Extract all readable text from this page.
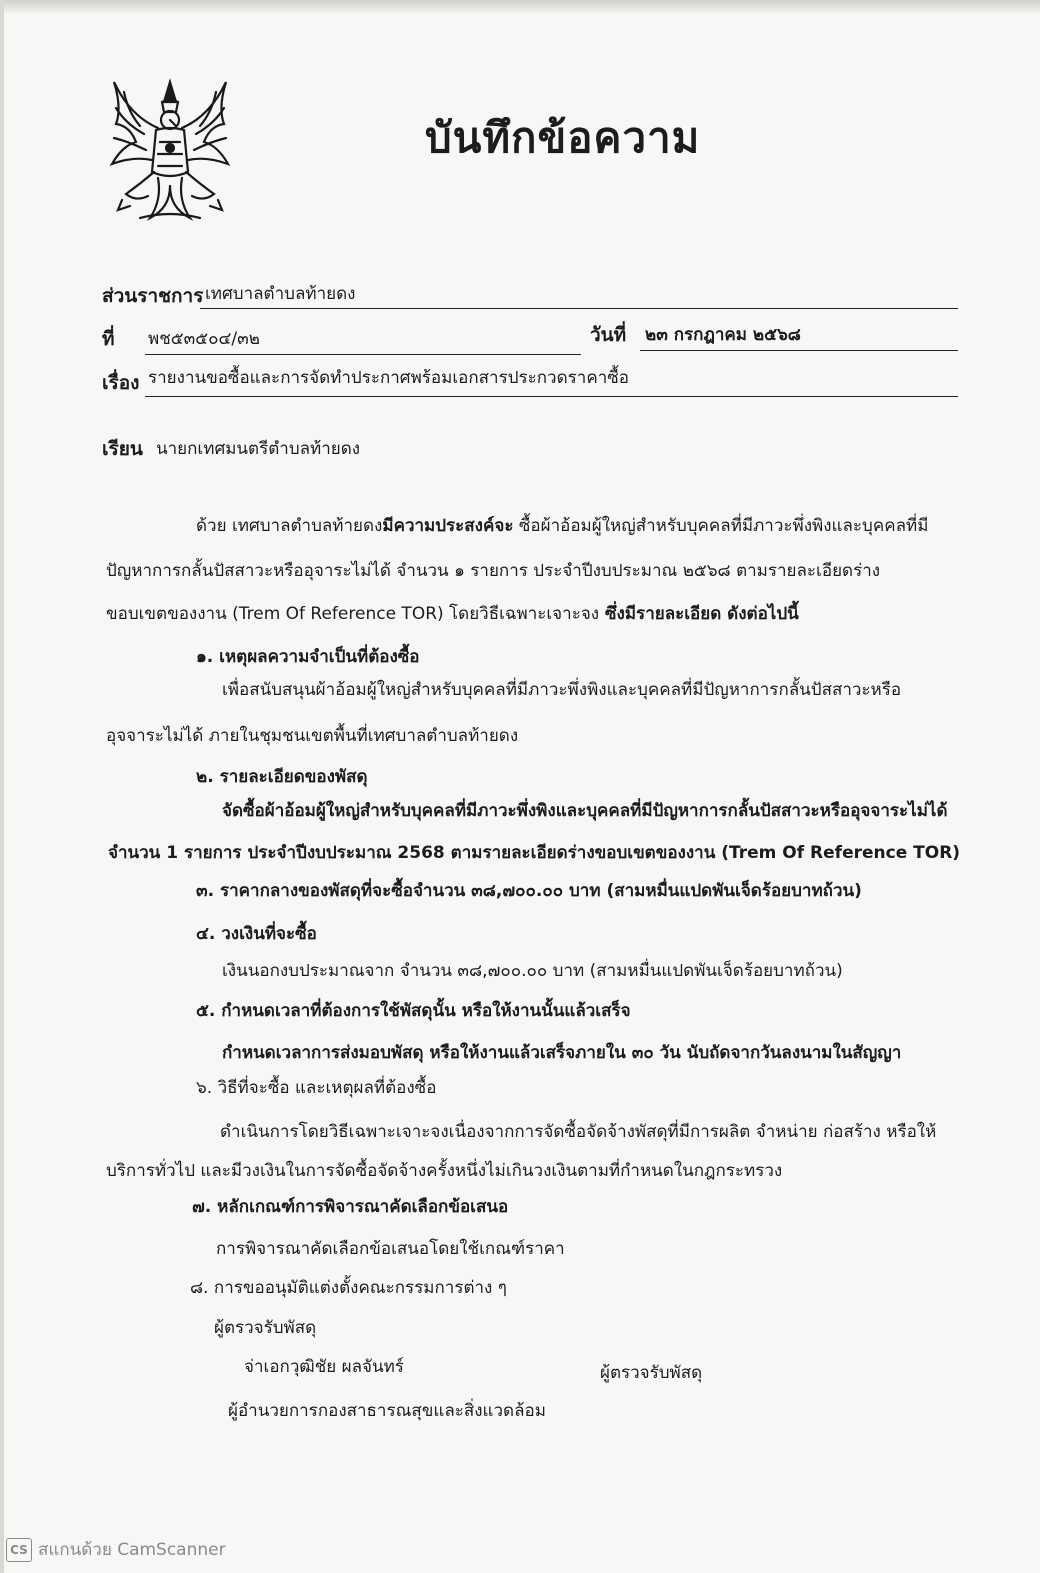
บันทึกข้อความ
ส่วนราชการ เทศบาลตำบลท้ายดง
ที่ พช๕๓๕๐๔/๓๒	วันที่ ๒๓ กรกฎาคม ๒๕๖๘
เรื่อง รายงานขอซื้อและการจัดทำประกาศพร้อมเอกสารประกวดราคาซื้อ
เรียน นายกเทศมนตรีตำบลท้ายดง
ด้วย เทศบาลตำบลท้ายดงมีความประสงค์จะ ซื้อผ้าอ้อมผู้ใหญ่สำหรับบุคคลที่มีภาวะพึ่งพิงและบุคคลที่มี
ปัญหาการกลั้นปัสสาวะหรืออุจาระไม่ได้ จำนวน ๑ รายการ ประจำปีงบประมาณ ๒๕๖๘ ตามรายละเอียดร่าง
ขอบเขตของงาน (Trem Of Reference TOR) โดยวิธีเฉพาะเจาะจง ซึ่งมีรายละเอียด ดังต่อไปนี้
๑. เหตุผลความจำเป็นที่ต้องซื้อ
เพื่อสนับสนุนผ้าอ้อมผู้ใหญ่สำหรับบุคคลที่มีภาวะพึ่งพิงและบุคคลที่มีปัญหาการกลั้นปัสสาวะหรือ
อุจจาระไม่ได้ ภายในชุมชนเขตพื้นที่เทศบาลตำบลท้ายดง
๒. รายละเอียดของพัสดุ
จัดซื้อผ้าอ้อมผู้ใหญ่สำหรับบุคคลที่มีภาวะพึ่งพิงและบุคคลที่มีปัญหาการกลั้นปัสสาวะหรืออุจจาระไม่ได้
จำนวน 1 รายการ ประจำปีงบประมาณ 2568 ตามรายละเอียดร่างขอบเขตของงาน (Trem Of Reference TOR)
๓. ราคากลางของพัสดุที่จะซื้อจำนวน ๓๘,๗๐๐.๐๐ บาท (สามหมื่นแปดพันเจ็ดร้อยบาทถ้วน)
๔. วงเงินที่จะซื้อ
เงินนอกงบประมาณจาก จำนวน ๓๘,๗๐๐.๐๐ บาท (สามหมื่นแปดพันเจ็ดร้อยบาทถ้วน)
๕. กำหนดเวลาที่ต้องการใช้พัสดุนั้น หรือให้งานนั้นแล้วเสร็จ
กำหนดเวลาการส่งมอบพัสดุ หรือให้งานแล้วเสร็จภายใน ๓๐ วัน นับถัดจากวันลงนามในสัญญา
๖. วิธีที่จะซื้อ และเหตุผลที่ต้องซื้อ
ดำเนินการโดยวิธีเฉพาะเจาะจงเนื่องจากการจัดซื้อจัดจ้างพัสดุที่มีการผลิต จำหน่าย ก่อสร้าง หรือให้
บริการทั่วไป และมีวงเงินในการจัดซื้อจัดจ้างครั้งหนึ่งไม่เกินวงเงินตามที่กำหนดในกฎกระทรวง
๗. หลักเกณฑ์การพิจารณาคัดเลือกข้อเสนอ
การพิจารณาคัดเลือกข้อเสนอโดยใช้เกณฑ์ราคา
๘. การขออนุมัติแต่งตั้งคณะกรรมการต่าง ๆ
ผู้ตรวจรับพัสดุ
จ่าเอกวุฒิชัย ผลจันทร์	ผู้ตรวจรับพัสดุ
ผู้อำนวยการกองสาธารณสุขและสิ่งแวดล้อม
CS สแกนด้วย CamScanner
